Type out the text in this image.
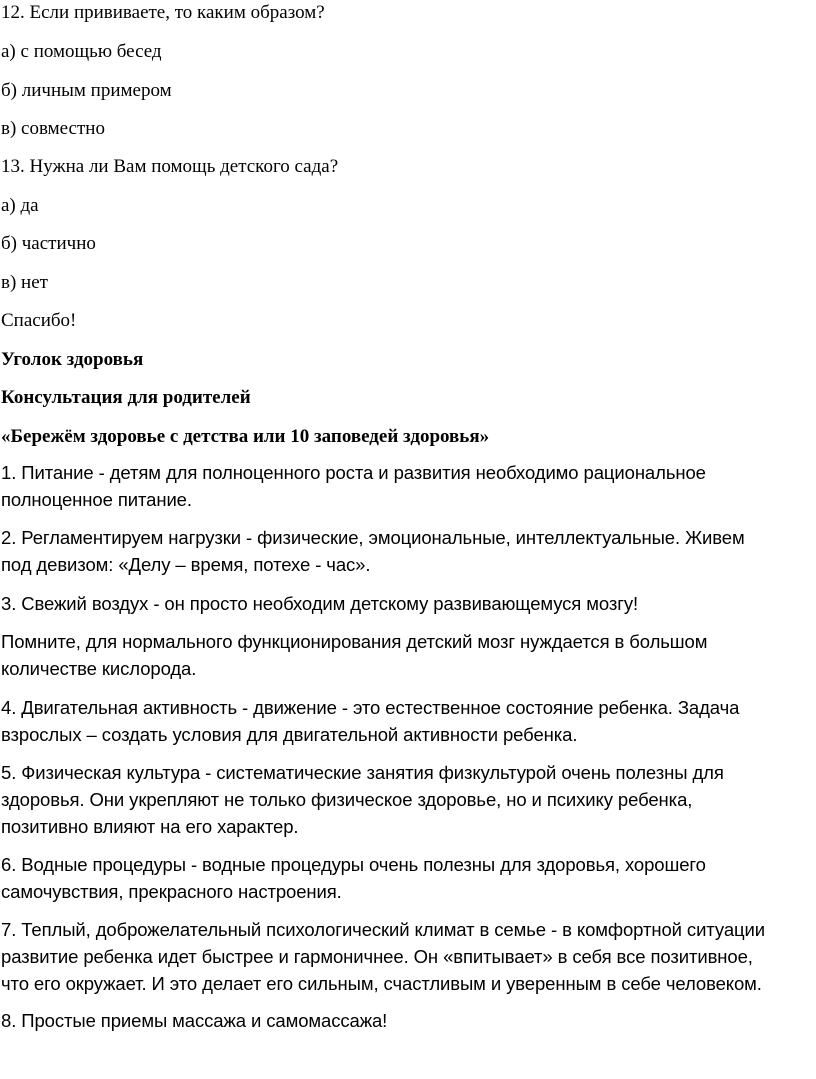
12. Если прививаете, то каким образом?
а) с помощью бесед
б) личным примером
в) совместно
13. Нужна ли Вам помощь детского сада?
а) да
б) частично
в) нет
Спасибо!
Уголок здоровья
Консультация для родителей
«Бережём здоровье с детства или 10 заповедей здоровья»
1. Питание - детям для полноценного роста и развития необходимо рациональное
полноценное питание.
2. Регламентируем нагрузки - физические, эмоциональные, интеллектуальные. Живем
под девизом: «Делу – время, потехе - час».
3. Свежий воздух - он просто необходим детскому развивающемуся мозгу!
Помните, для нормального функционирования детский мозг нуждается в большом
количестве кислорода.
4. Двигательная активность - движение - это естественное состояние ребенка. Задача
взрослых – создать условия для двигательной активности ребенка.
5. Физическая культура - систематические занятия физкультурой очень полезны для
здоровья. Они укрепляют не только физическое здоровье, но и психику ребенка,
позитивно влияют на его характер.
6. Водные процедуры - водные процедуры очень полезны для здоровья, хорошего
самочувствия, прекрасного настроения.
7. Теплый, доброжелательный психологический климат в семье - в комфортной ситуации
развитие ребенка идет быстрее и гармоничнее. Он «впитывает» в себя все позитивное,
что его окружает. И это делает его сильным, счастливым и уверенным в себе человеком.
8. Простые приемы массажа и самомассажа!
